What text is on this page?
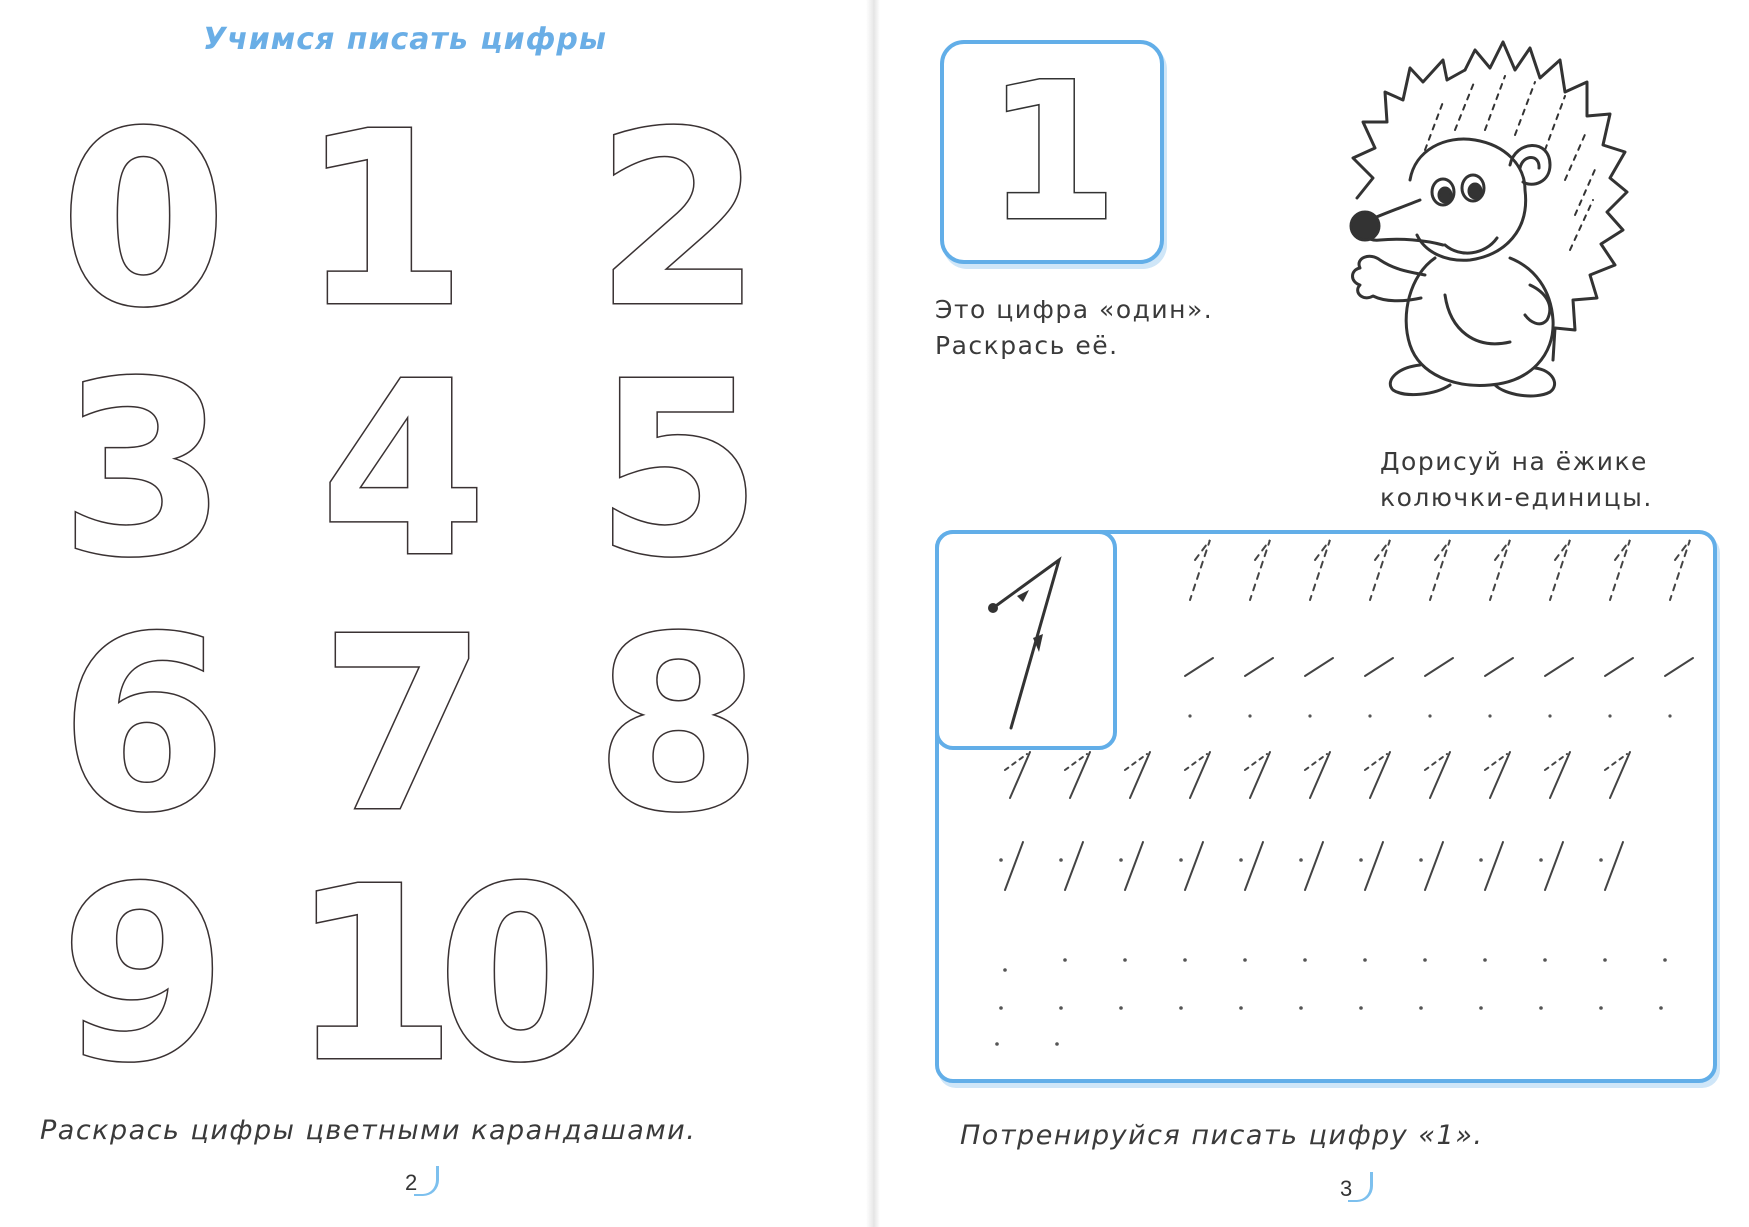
Учимся писать цифры
0 1 2
3 4 5
6 7 8
9 10
Раскрась цифры цветными карандашами.
2
1
Это цифра «один».
Раскрась её.
Дорисуй на ёжике
колючки-единицы.
Потренируйся писать цифру «1».
3
